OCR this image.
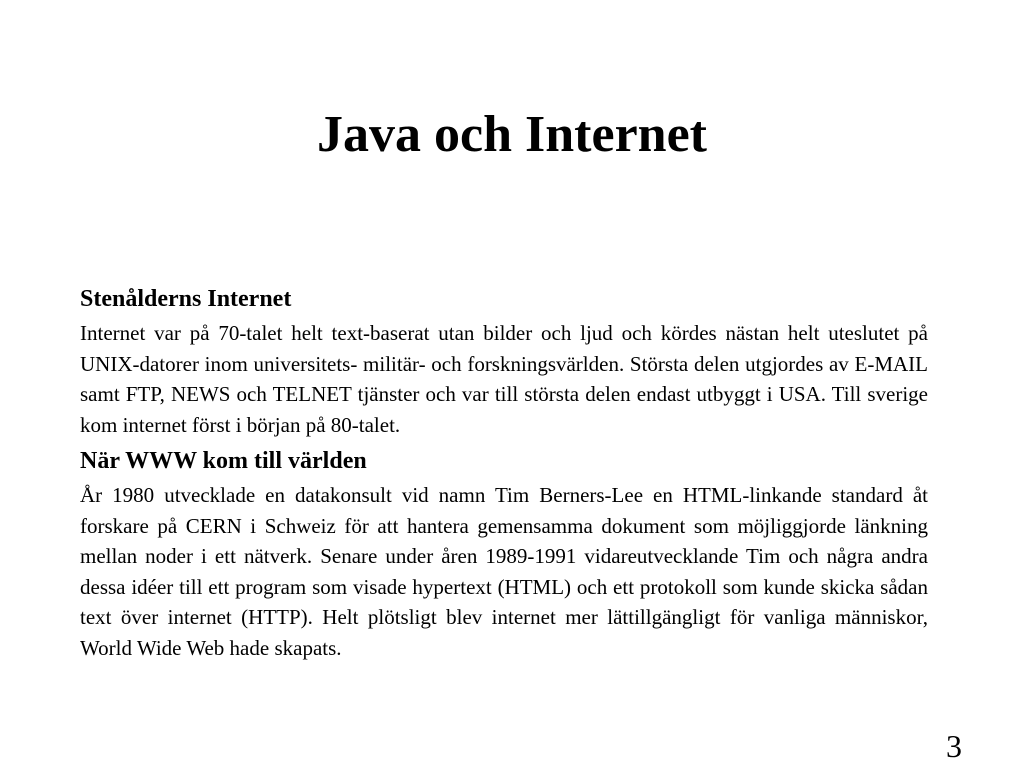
Java och Internet
Stenålderns Internet

Internet var på 70-talet helt text-baserat utan bilder och ljud och kördes nästan helt uteslutet på UNIX-datorer inom universitets- militär- och forskningsvärlden. Största delen utgjordes av E-MAIL samt FTP, NEWS och TELNET tjänster och var till största delen endast utbyggt i USA. Till sverige kom internet först i början på 80-talet.

När WWW kom till världen

År 1980 utvecklade en datakonsult vid namn Tim Berners-Lee en HTML-linkande standard åt forskare på CERN i Schweiz för att hantera gemensamma dokument som möjliggjorde länkning mellan noder i ett nätverk. Senare under åren 1989-1991 vidareutvecklande Tim och några andra dessa idéer till ett program som visade hypertext (HTML) och ett protokoll som kunde skicka sådan text över internet (HTTP). Helt plötsligt blev internet mer lättillgängligt för vanliga människor, World Wide Web hade skapats.

3
